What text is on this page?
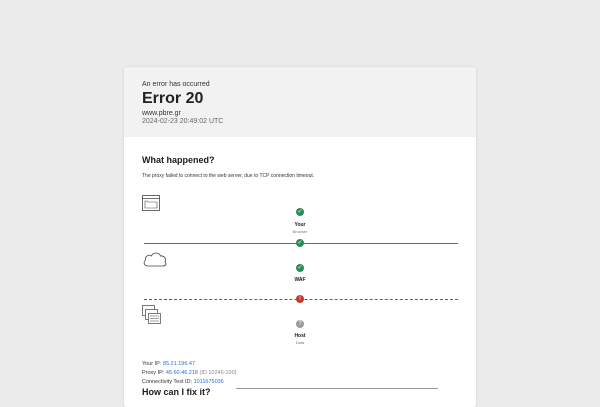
An error has occurred
Error 20
www.pbre.gr
2024-02-23 20:49:02 UTC
What happened?
The proxy failed to connect to the web server, due to TCP connection timeout.
✓
Your
Browser
✓
✓
WAF
!
?
Host
Data
Your IP: 85.21.196.47
Proxy IP: 45.60.46.218 (ID 10246-100)
Connectivity Test ID: 1011675036
How can I fix it?
